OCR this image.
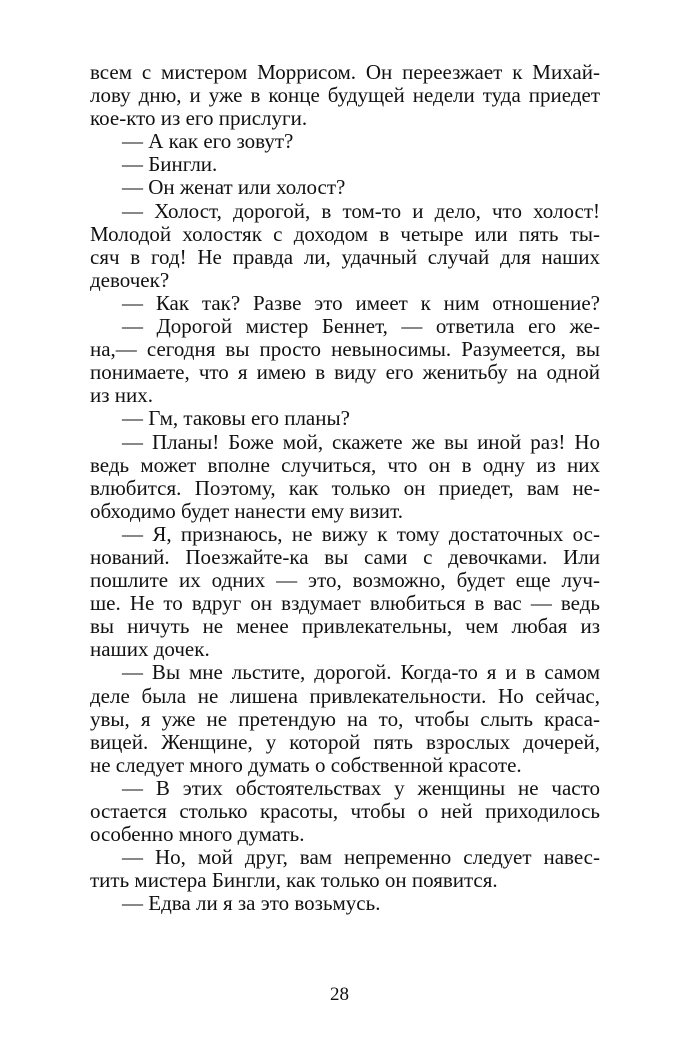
всем с мистером Моррисом. Он переезжает к Михай-
лову дню, и уже в конце будущей недели туда приедет
кое-кто из его прислуги.
— А как его зовут?
— Бингли.
— Он женат или холост?
— Холост, дорогой, в том-то и дело, что холост!
Молодой холостяк с доходом в четыре или пять ты-
сяч в год! Не правда ли, удачный случай для наших
девочек?
— Как так? Разве это имеет к ним отношение?
— Дорогой мистер Беннет, — ответила его же-
на,— сегодня вы просто невыносимы. Разумеется, вы
понимаете, что я имею в виду его женитьбу на одной
из них.
— Гм, таковы его планы?
— Планы! Боже мой, скажете же вы иной раз! Но
ведь может вполне случиться, что он в одну из них
влюбится. Поэтому, как только он приедет, вам не-
обходимо будет нанести ему визит.
— Я, признаюсь, не вижу к тому достаточных ос-
нований. Поезжайте-ка вы сами с девочками. Или
пошлите их одних — это, возможно, будет еще луч-
ше. Не то вдруг он вздумает влюбиться в вас — ведь
вы ничуть не менее привлекательны, чем любая из
наших дочек.
— Вы мне льстите, дорогой. Когда-то я и в самом
деле была не лишена привлекательности. Но сейчас,
увы, я уже не претендую на то, чтобы слыть краса-
вицей. Женщине, у которой пять взрослых дочерей,
не следует много думать о собственной красоте.
— В этих обстоятельствах у женщины не часто
остается столько красоты, чтобы о ней приходилось
особенно много думать.
— Но, мой друг, вам непременно следует навес-
тить мистера Бингли, как только он появится.
— Едва ли я за это возьмусь.
28
